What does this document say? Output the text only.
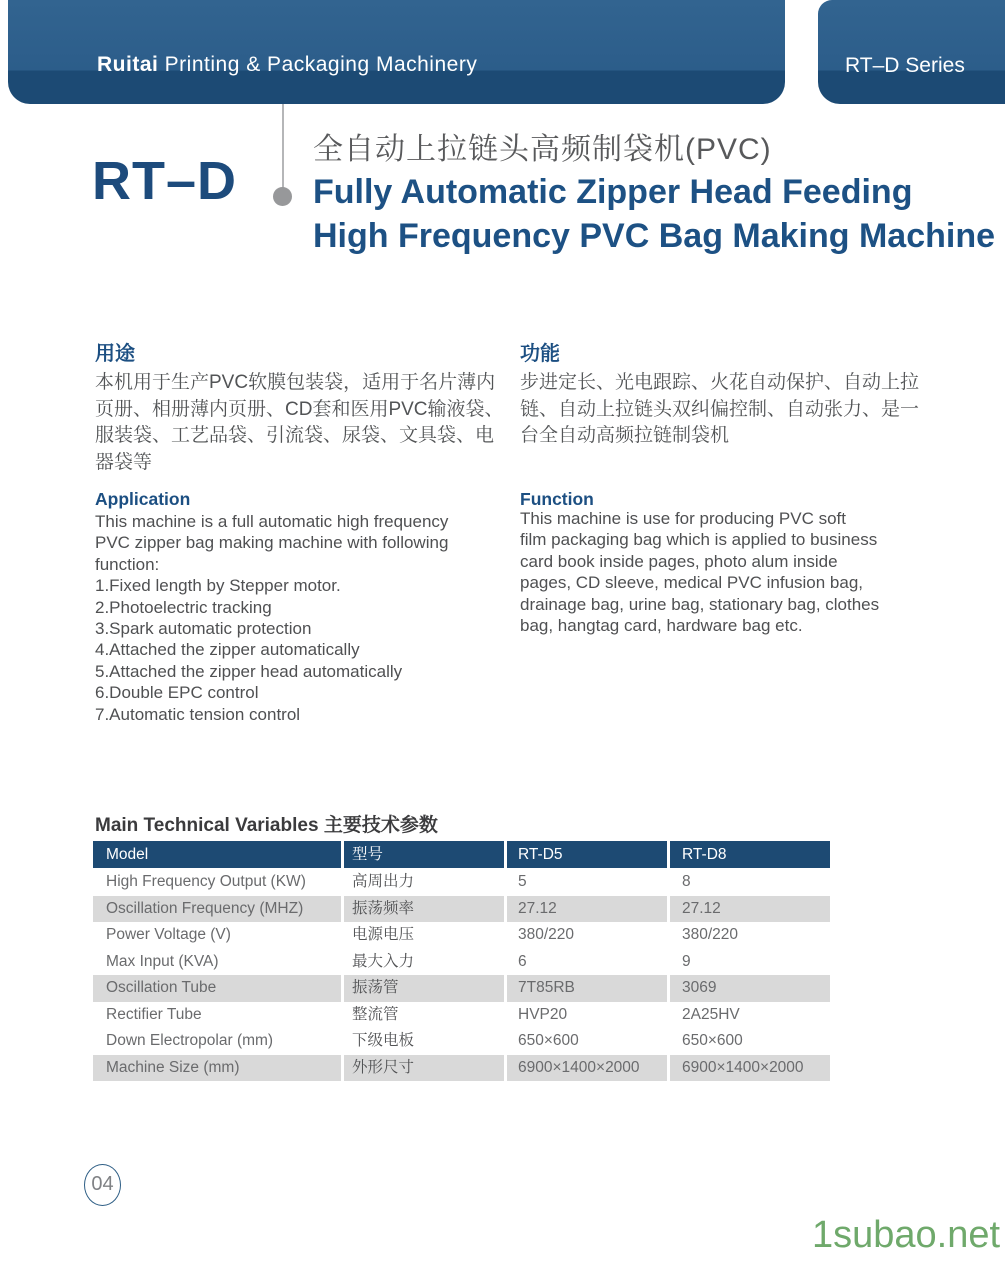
Ruitai Printing & Packaging Machinery	RT–D Series
RT–D
全自动上拉链头高频制袋机(PVC)
Fully Automatic Zipper Head Feeding
High Frequency PVC Bag Making Machine
用途
本机用于生产PVC软膜包装袋，适用于名片薄内
页册、相册薄内页册、CD套和医用PVC输液袋、
服装袋、工艺品袋、引流袋、尿袋、文具袋、电
器袋等
功能
步进定长、光电跟踪、火花自动保护、自动上拉
链、自动上拉链头双纠偏控制、自动张力、是一
台全自动高频拉链制袋机
Application
This machine is a full automatic high frequency
PVC zipper bag making machine with following
function:
1.Fixed length by Stepper motor.
2.Photoelectric tracking
3.Spark automatic protection
4.Attached the zipper automatically
5.Attached the zipper head automatically
6.Double EPC control
7.Automatic tension control
Function
This machine is use for producing PVC soft
film packaging bag which is applied to business
card book inside pages, photo alum inside
pages, CD sleeve, medical PVC infusion bag,
drainage bag, urine bag, stationary bag, clothes
bag, hangtag card, hardware bag etc.
Main Technical Variables 主要技术参数
Model	型号	RT-D5	RT-D8
High Frequency Output (KW)	高周出力	5	8
Oscillation Frequency (MHZ)	振荡频率	27.12	27.12
Power Voltage (V)	电源电压	380/220	380/220
Max Input (KVA)	最大入力	6	9
Oscillation Tube	振荡管	7T85RB	3069
Rectifier Tube	整流管	HVP20	2A25HV
Down Electropolar (mm)	下级电板	650×600	650×600
Machine Size (mm)	外形尺寸	6900×1400×2000	6900×1400×2000
04
1subao.net
